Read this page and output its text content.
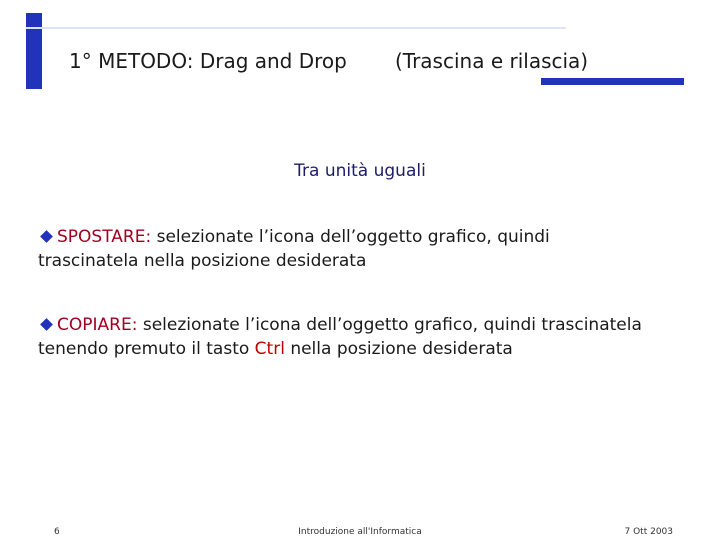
1° METODO: Drag and Drop (Trascina e rilascia)
Tra unità uguali
SPOSTARE: selezionate l’icona dell’oggetto grafico, quindi trascinatela nella posizione desiderata
COPIARE: selezionate l’icona dell’oggetto grafico, quindi trascinatela tenendo premuto il tasto Ctrl nella posizione desiderata
6	Introduzione all'Informatica	7 Ott 2003
